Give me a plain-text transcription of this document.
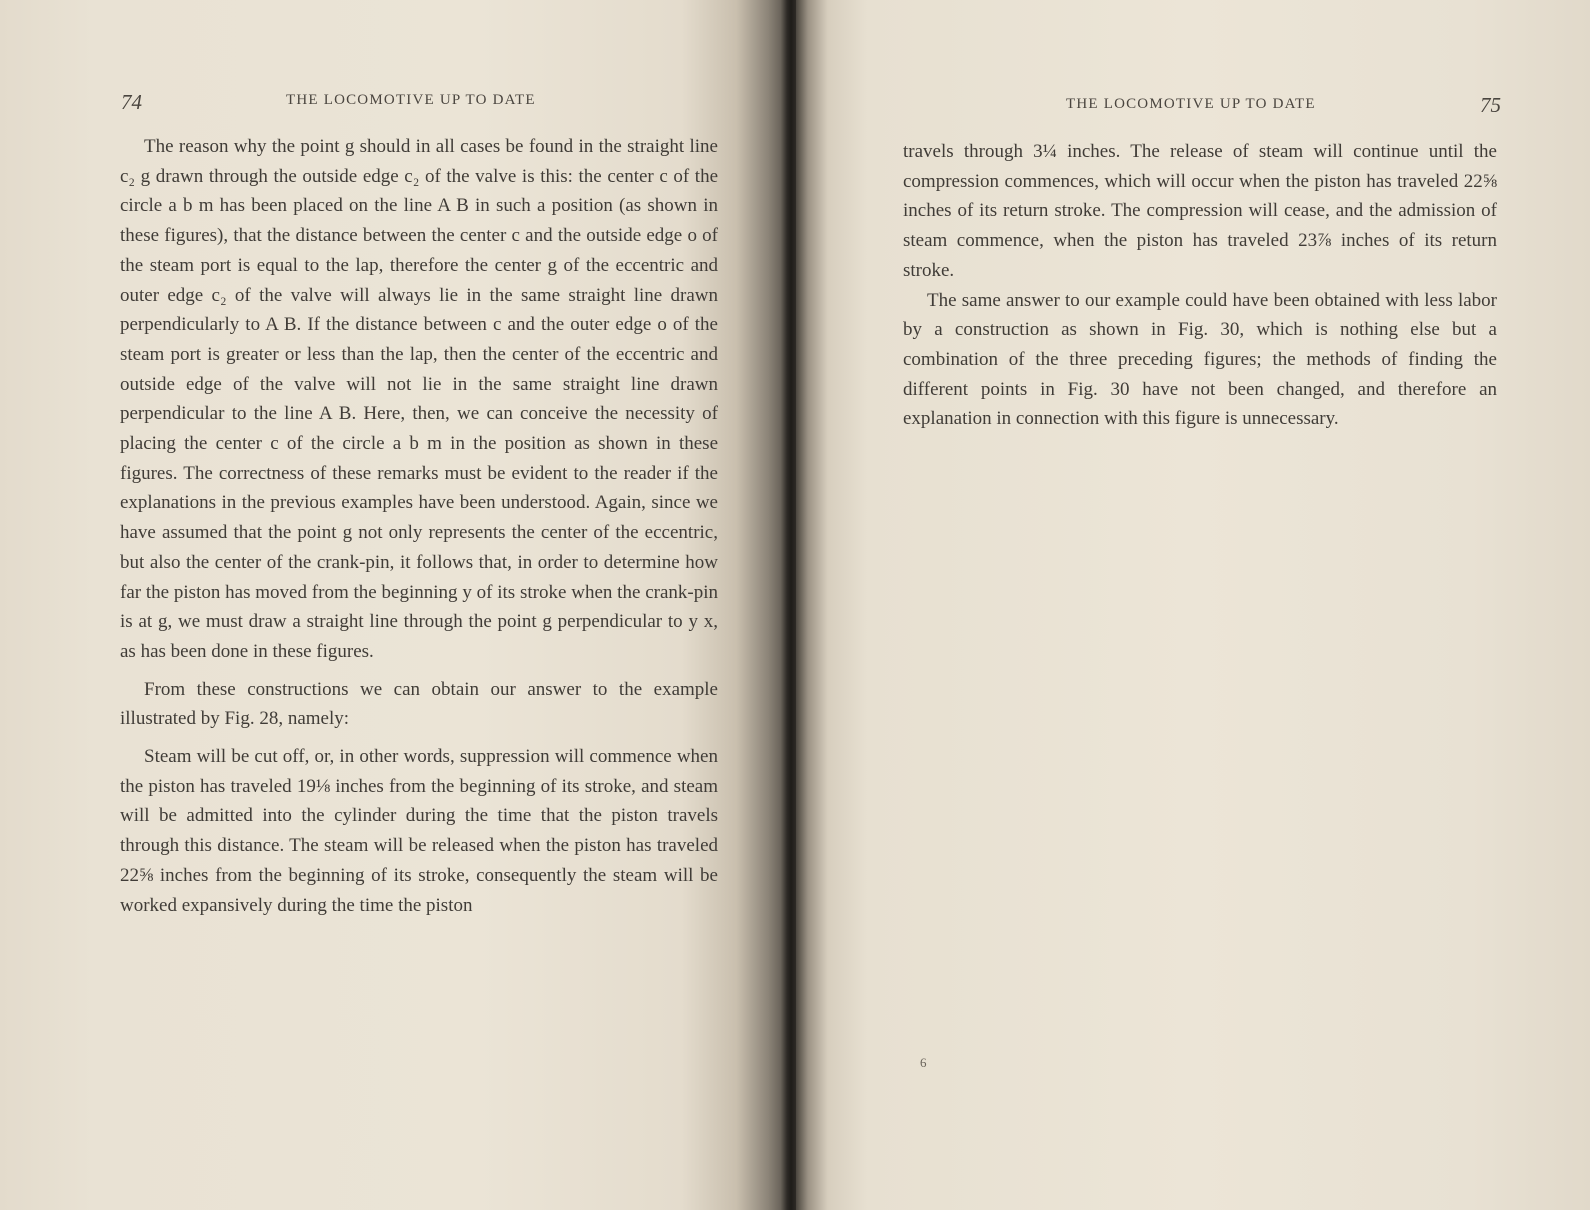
74	THE LOCOMOTIVE UP TO DATE

The reason why the point g should in all cases be found in the straight line c₂ g drawn through the outside edge c₂ of the valve is this: the center c of the circle a b m has been placed on the line A B in such a position (as shown in these figures), that the distance between the center c and the outside edge o of the steam port is equal to the lap, therefore the center g of the eccentric and outer edge c₂ of the valve will always lie in the same straight line drawn perpendicularly to A B. If the distance between c and the outer edge o of the steam port is greater or less than the lap, then the center of the eccentric and outside edge of the valve will not lie in the same straight line drawn perpendicular to the line A B. Here, then, we can conceive the necessity of placing the center c of the circle a b m in the position as shown in these figures. The correctness of these remarks must be evident to the reader if the explanations in the previous examples have been understood. Again, since we have assumed that the point g not only represents the center of the eccentric, but also the center of the crank-pin, it follows that, in order to determine how far the piston has moved from the beginning y of its stroke when the crank-pin is at g, we must draw a straight line through the point g perpendicular to y x, as has been done in these figures.

From these constructions we can obtain our answer to the example illustrated by Fig. 28, namely:

Steam will be cut off, or, in other words, suppression will commence when the piston has traveled 19⅛ inches from the beginning of its stroke, and steam will be admitted into the cylinder during the time that the piston travels through this distance. The steam will be released when the piston has traveled 22⅝ inches from the beginning of its stroke, consequently the steam will be worked expansively during the time the piston

THE LOCOMOTIVE UP TO DATE	75

travels through 3¼ inches. The release of steam will continue until the compression commences, which will occur when the piston has traveled 22⅝ inches of its return stroke. The compression will cease, and the admission of steam commence, when the piston has traveled 23⅞ inches of its return stroke.

The same answer to our example could have been obtained with less labor by a construction as shown in Fig. 30, which is nothing else but a combination of the three preceding figures; the methods of finding the different points in Fig. 30 have not been changed, and therefore an explanation in connection with this figure is unnecessary.

6
